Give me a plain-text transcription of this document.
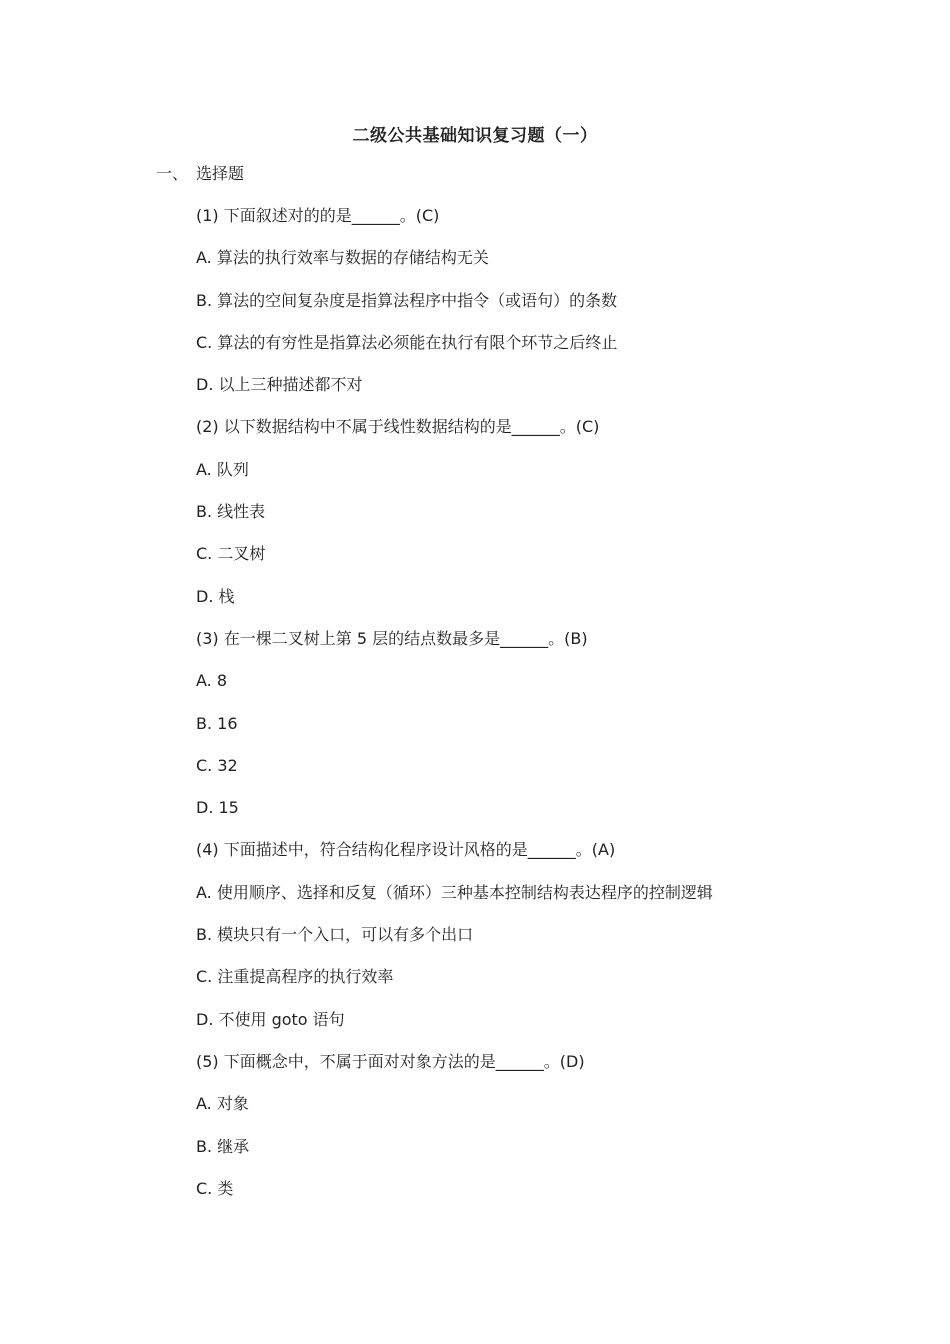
二级公共基础知识复习题（一）
一、 选择题
(1) 下面叙述对的的是______。(C)
A. 算法的执行效率与数据的存储结构无关
B. 算法的空间复杂度是指算法程序中指令（或语句）的条数
C. 算法的有穷性是指算法必须能在执行有限个环节之后终止
D. 以上三种描述都不对
(2) 以下数据结构中不属于线性数据结构的是______。(C)
A. 队列
B. 线性表
C. 二叉树
D. 栈
(3) 在一棵二叉树上第 5 层的结点数最多是______。(B)
A. 8
B. 16
C. 32
D. 15
(4) 下面描述中，符合结构化程序设计风格的是______。(A)
A. 使用顺序、选择和反复（循环）三种基本控制结构表达程序的控制逻辑
B. 模块只有一个入口，可以有多个出口
C. 注重提高程序的执行效率
D. 不使用 goto 语句
(5) 下面概念中，不属于面对对象方法的是______。(D)
A. 对象
B. 继承
C. 类
